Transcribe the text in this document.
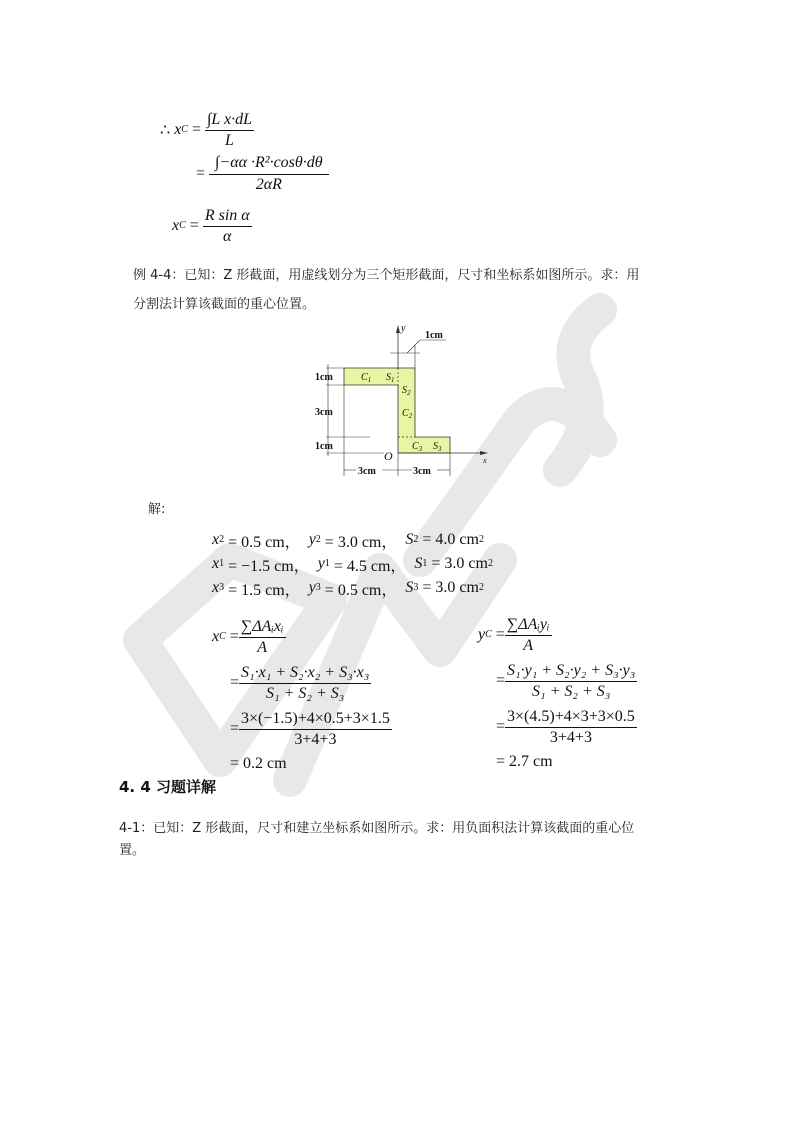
∴
x C
=
$\frac{\text{∫L x·dL}}{L}$
=
$\frac{\text{∫−αα ·R²·cosθ·dθ}}{2\alpha R}$
x C
=
$\frac{\text{R sin α}}{\alpha}$
例 4-4：已知：Z 形截面，用虚线划分为三个矩形截面，尺寸和坐标系如图所示。求：用
分割法计算该截面的重心位置。
y
x
O
1cm
1cm
3cm
1cm
3cm	3cm
$C_1$ $S_1$
$S_2$
$C_2$
$C_3$ $S_3$
解:
x 2
= 0.5 cm，
y 2
= 3.0 cm，
S 2
= 4.0 cm 2
x 1
= −1.5 cm，
y 1
= 4.5 cm，
S 1
= 3.0 cm 2
x 3
= 1.5 cm，
y 3
= 0.5 cm，
S 3
= 3.0 cm 2
x C
= $\frac{\text{∑ΔAᵢxᵢ}}{A}$
= $\frac{\text{S₁·x₁ + S₂·x₂ + S₃·x₃}}{\text{S₁ + S₂ + S₃}}$
= $\frac{3\times(-1.5)+4\times 0.5+3\times 1.5}{3+4+3}$
= 0.2 cm
y C
= $\frac{\text{∑ΔAᵢyᵢ}}{A}$
= $\frac{\text{S₁·y₁ + S₂·y₂ + S₃·y₃}}{\text{S₁ + S₂ + S₃}}$
= $\frac{3\times(4.5)+4\times 3+3\times 0.5}{3+4+3}$
= 2.7 cm
4. 4 习题详解
4-1：已知：Z 形截面，尺寸和建立坐标系如图所示。求：用负面积法计算该截面的重心位
置。
